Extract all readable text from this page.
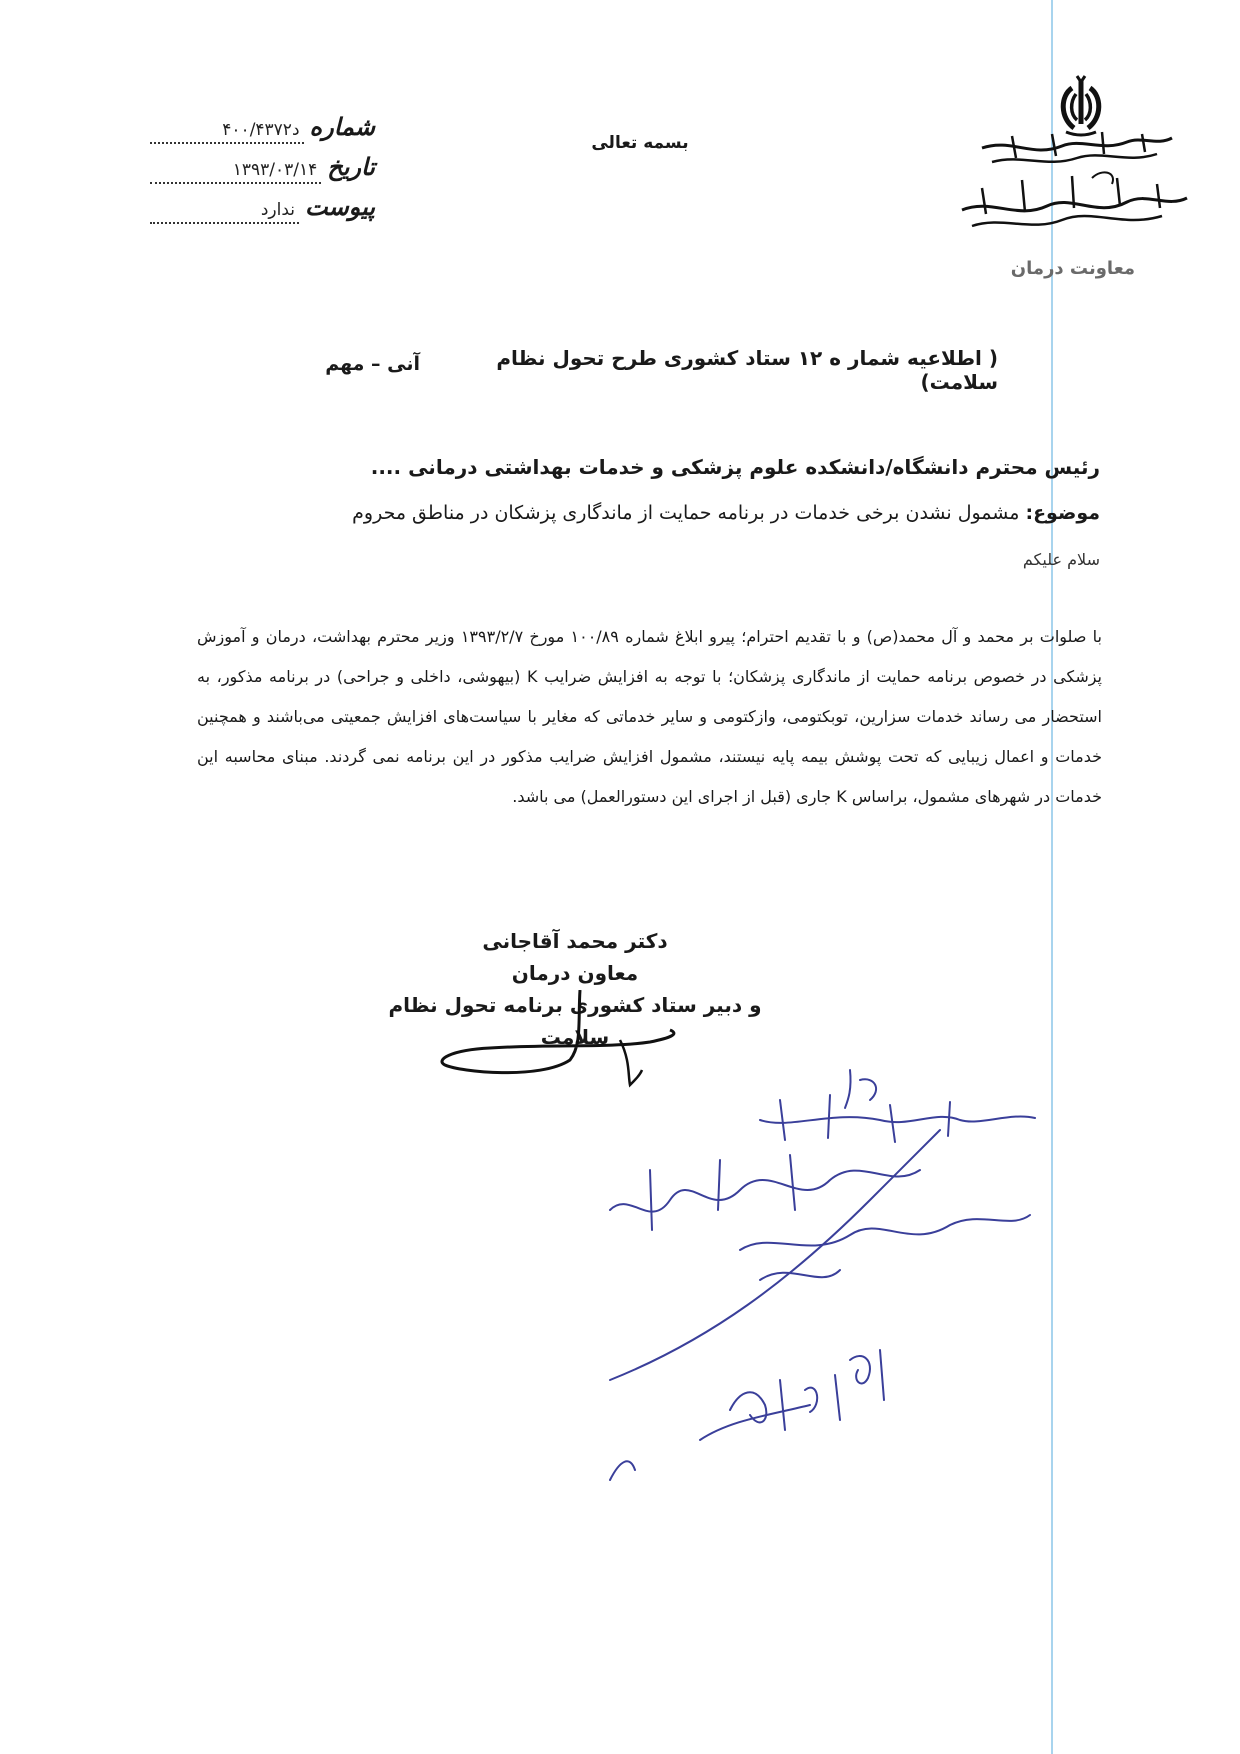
معاونت درمان
بسمه تعالی
شماره
د۴۰۰/۴۳۷۲
تاریخ
۱۳۹۳/۰۳/۱۴
پیوست
ندارد
( اطلاعیه شمار ه ۱۲ ستاد کشوری طرح تحول نظام سلامت)
آنی – مهم
رئیس محترم دانشگاه/دانشکده علوم پزشکی و خدمات بهداشتی درمانی ....
موضوع: مشمول نشدن برخی خدمات در برنامه حمایت از ماندگاری پزشکان در مناطق محروم
سلام علیکم
با صلوات بر محمد و آل محمد(ص) و با تقدیم احترام؛ پیرو ابلاغ شماره ۱۰۰/۸۹ مورخ ۱۳۹۳/۲/۷ وزیر محترم بهداشت، درمان و آموزش پزشکی در خصوص برنامه حمایت از ماندگاری پزشکان؛ با توجه به افزایش ضرایب K (بیهوشی، داخلی و جراحی) در برنامه مذکور، به استحضار می رساند خدمات سزارین، توبکتومی، وازکتومی و سایر خدماتی که مغایر با سیاست‌های افزایش جمعیتی می‌باشند و همچنین خدمات و اعمال زیبایی که تحت پوشش بیمه پایه نیستند، مشمول افزایش ضرایب مذکور در این برنامه نمی گردند. مبنای محاسبه این خدمات در شهرهای مشمول، براساس K جاری (قبل از اجرای این دستورالعمل) می باشد.
دکتر محمد آقاجانی
معاون درمان
و دبیر ستاد کشوری برنامه تحول نظام سلامت
